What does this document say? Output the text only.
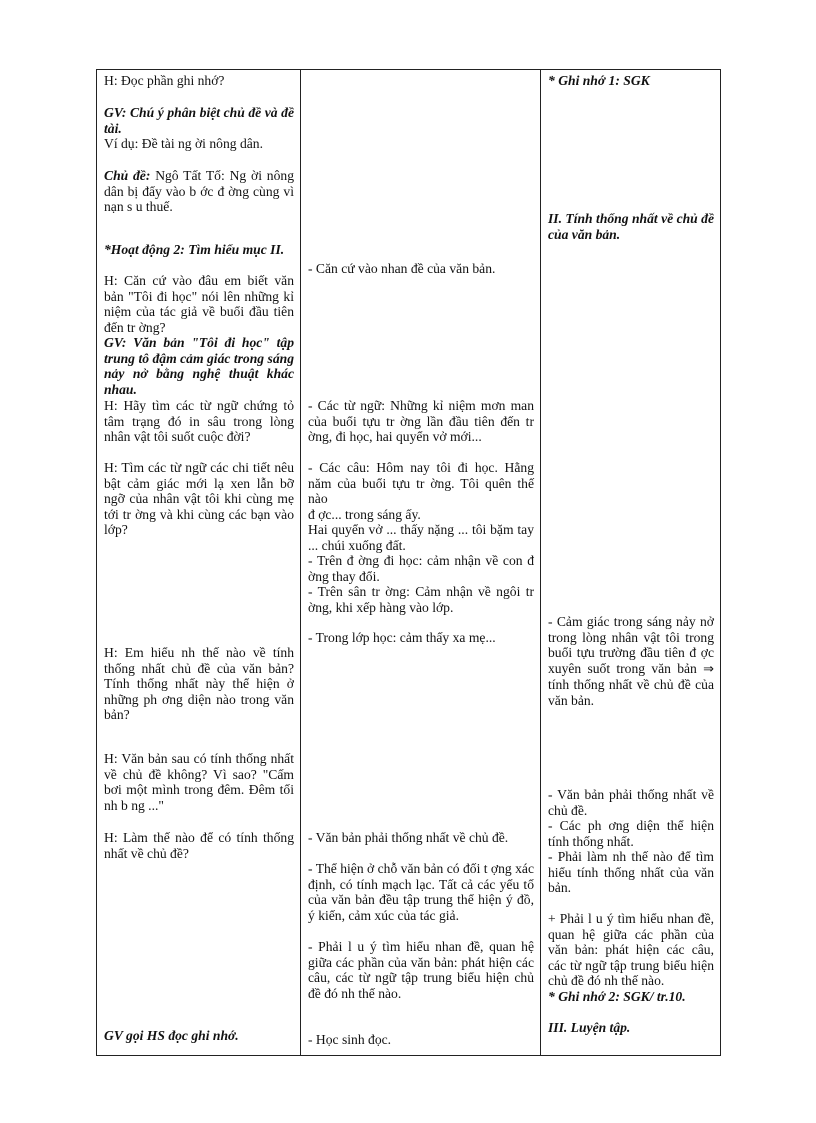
H: Đọc phần ghi nhớ?
GV: Chú ý phân biệt chủ đề và đề tài.
Ví dụ: Đề tài ng ời nông dân.
Chủ đề: Ngô Tất Tố: Ng ời nông dân bị đẩy vào b ớc đ ờng cùng vì nạn s u thuế.
*Hoạt động 2: Tìm hiểu mục II.
H: Căn cứ vào đâu em biết văn bản "Tôi đi học" nói lên những kỉ niệm của tác giả về buổi đầu tiên đến tr ờng?
GV: Văn bản "Tôi đi học" tập trung tô đậm cảm giác trong sáng nảy nở bằng nghệ thuật khác nhau.
H: Hãy tìm các từ ngữ chứng tỏ tâm trạng đó in sâu trong lòng nhân vật tôi suốt cuộc đời?
H: Tìm các từ ngữ các chi tiết nêu bật cảm giác mới lạ xen lẫn bỡ ngỡ của nhân vật tôi khi cùng mẹ tới tr ờng và khi cùng các bạn vào lớp?
H: Em hiểu nh thế nào về tính thống nhất chủ đề của văn bản? Tính thống nhất này thể hiện ở những ph ơng diện nào trong văn bản?
H: Văn bản sau có tính thống nhất về chủ đề không? Vì sao? "Cấm bơi một mình trong đêm. Đêm tối nh b ng ..."
H: Làm thế nào để có tính thống nhất về chủ đề?
GV gọi HS đọc ghi nhớ.
- Căn cứ vào nhan đề của văn bản.
- Các từ ngữ: Những kỉ niệm mơn man của buổi tựu tr ờng lần đầu tiên đến tr ờng, đi học, hai quyển vở mới...
- Các câu: Hôm nay tôi đi học. Hằng năm của buổi tựu tr ờng. Tôi quên thế nào
đ ợc... trong sáng ấy.
Hai quyển vở ... thấy nặng ... tôi bặm tay ... chúi xuống đất.
- Trên đ ờng đi học: cảm nhận về con đ ờng thay đổi.
- Trên sân tr ờng: Cảm nhận về ngôi tr ờng, khi xếp hàng vào lớp.
- Trong lớp học: cảm thấy xa mẹ...
- Văn bản phải thống nhất về chủ đề.
- Thể hiện ở chỗ văn bản có đối t ợng xác định, có tính mạch lạc. Tất cả các yếu tố của văn bản đều tập trung thể hiện ý đồ, ý kiến, cảm xúc của tác giả.
- Phải l u ý tìm hiểu nhan đề, quan hệ giữa các phần của văn bản: phát hiện các câu, các từ ngữ tập trung biểu hiện chủ đề đó nh thế nào.
- Học sinh đọc.
* Ghi nhớ 1: SGK
II. Tính thống nhất về chủ đề của văn bản.
- Cảm giác trong sáng nảy nở trong lòng nhân vật tôi trong buổi tựu trường đầu tiên đ ợc xuyên suốt trong văn bản ⇒ tính thống nhất về chủ đề của văn bản.
- Văn bản phải thống nhất về chủ đề.
- Các ph ơng diện thể hiện tính thống nhất.
- Phải làm nh thế nào để tìm hiểu tính thống nhất của văn bản.
+ Phải l u ý tìm hiểu nhan đề, quan hệ giữa các phần của văn bản: phát hiện các câu, các từ ngữ tập trung biểu hiện chủ đề đó nh thế nào.
* Ghi nhớ 2: SGK/ tr.10.
III. Luyện tập.
